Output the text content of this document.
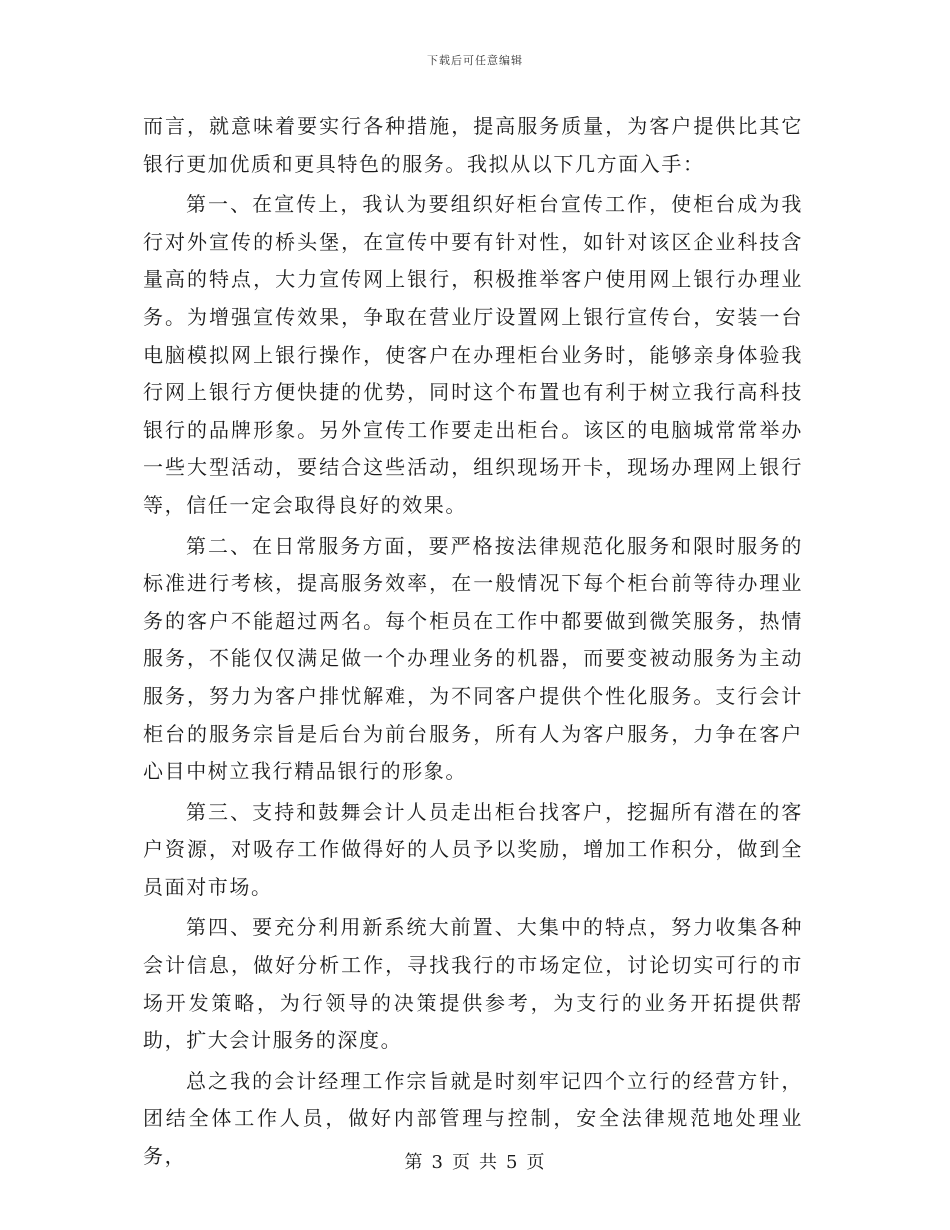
下载后可任意编辑

而言，就意味着要实行各种措施，提高服务质量，为客户提供比其它银行更加优质和更具特色的服务。我拟从以下几方面入手：

第一、在宣传上，我认为要组织好柜台宣传工作，使柜台成为我行对外宣传的桥头堡，在宣传中要有针对性，如针对该区企业科技含量高的特点，大力宣传网上银行，积极推举客户使用网上银行办理业务。为增强宣传效果，争取在营业厅设置网上银行宣传台，安装一台电脑模拟网上银行操作，使客户在办理柜台业务时，能够亲身体验我行网上银行方便快捷的优势，同时这个布置也有利于树立我行高科技银行的品牌形象。另外宣传工作要走出柜台。该区的电脑城常常举办一些大型活动，要结合这些活动，组织现场开卡，现场办理网上银行等，信任一定会取得良好的效果。

第二、在日常服务方面，要严格按法律规范化服务和限时服务的标准进行考核，提高服务效率，在一般情况下每个柜台前等待办理业务的客户不能超过两名。每个柜员在工作中都要做到微笑服务，热情服务，不能仅仅满足做一个办理业务的机器，而要变被动服务为主动服务，努力为客户排忧解难，为不同客户提供个性化服务。支行会计柜台的服务宗旨是后台为前台服务，所有人为客户服务，力争在客户心目中树立我行精品银行的形象。

第三、支持和鼓舞会计人员走出柜台找客户，挖掘所有潜在的客户资源，对吸存工作做得好的人员予以奖励，增加工作积分，做到全员面对市场。

第四、要充分利用新系统大前置、大集中的特点，努力收集各种会计信息，做好分析工作，寻找我行的市场定位，讨论切实可行的市场开发策略，为行领导的决策提供参考，为支行的业务开拓提供帮助，扩大会计服务的深度。

总之我的会计经理工作宗旨就是时刻牢记四个立行的经营方针，团结全体工作人员，做好内部管理与控制，安全法律规范地处理业务，	第 3 页 共 5 页
